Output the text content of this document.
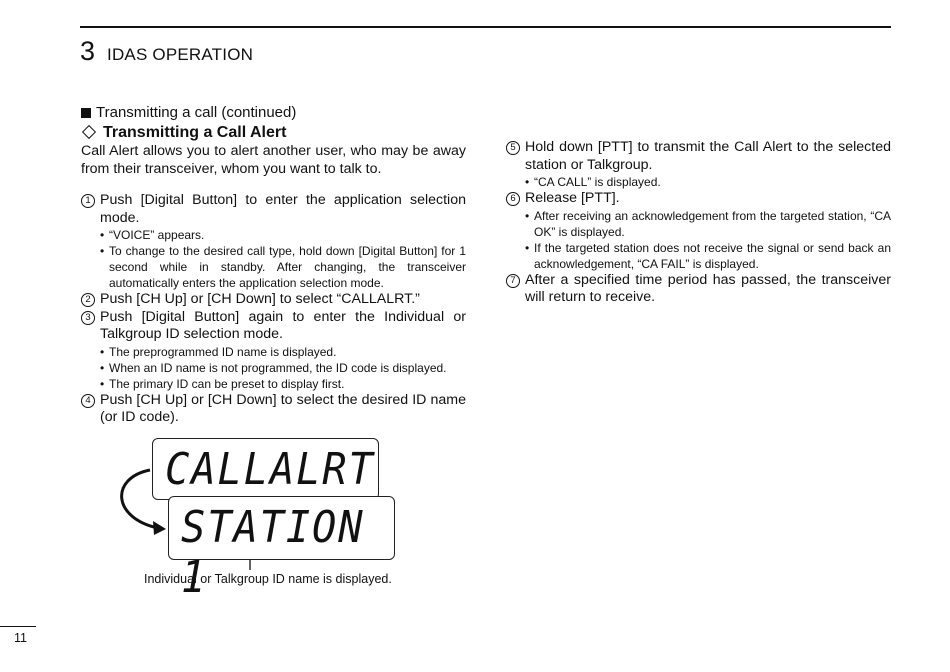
3 IDAS OPERATION
Transmitting a call (continued)
Transmitting a Call Alert

Call Alert allows you to alert another user, who may be away from their transceiver, whom you want to talk to.

1 Push [Digital Button] to enter the application selection mode.
• “VOICE” appears.
• To change to the desired call type, hold down [Digital Button] for 1 second while in standby. After changing, the transceiver automatically enters the application selection mode.
2 Push [CH Up] or [CH Down] to select “CALLALRT.”
3 Push [Digital Button] again to enter the Individual or Talkgroup ID selection mode.
• The preprogrammed ID name is displayed.
• When an ID name is not programmed, the ID code is displayed.
• The primary ID can be preset to display first.
4 Push [CH Up] or [CH Down] to select the desired ID name (or ID code).
CALLALRT
STATION 1
Individual or Talkgroup ID name is displayed.
5 Hold down [PTT] to transmit the Call Alert to the selected station or Talkgroup.
• “CA CALL” is displayed.
6 Release [PTT].
• After receiving an acknowledgement from the targeted station, “CA OK” is displayed.
• If the targeted station does not receive the signal or send back an acknowledgement, “CA FAIL” is displayed.
7 After a specified time period has passed, the transceiver will return to receive.
11
